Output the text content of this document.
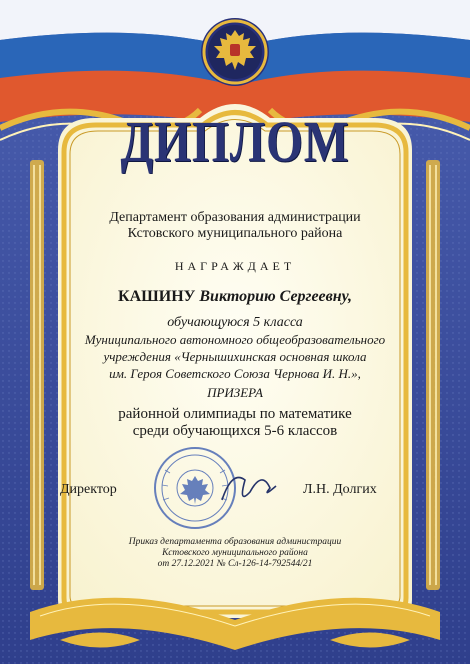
ДИПЛОМ
Департамент образования администрации
Кстовского муниципального района
НАГРАЖДАЕТ
КАШИНУ Викторию Сергеевну,
обучающуюся 5 класса
Муниципального автономного общеобразовательного
учреждения «Чернышихинская основная школа
им. Героя Советского Союза Чернова И. Н.»,
ПРИЗЕРА
районной олимпиады по математике
среди обучающихся 5-6 классов
Директор	Л.Н. Долгих
Приказ департамента образования администрации
Кстовского муниципального района
от 27.12.2021 № Сл-126-14-792544/21
